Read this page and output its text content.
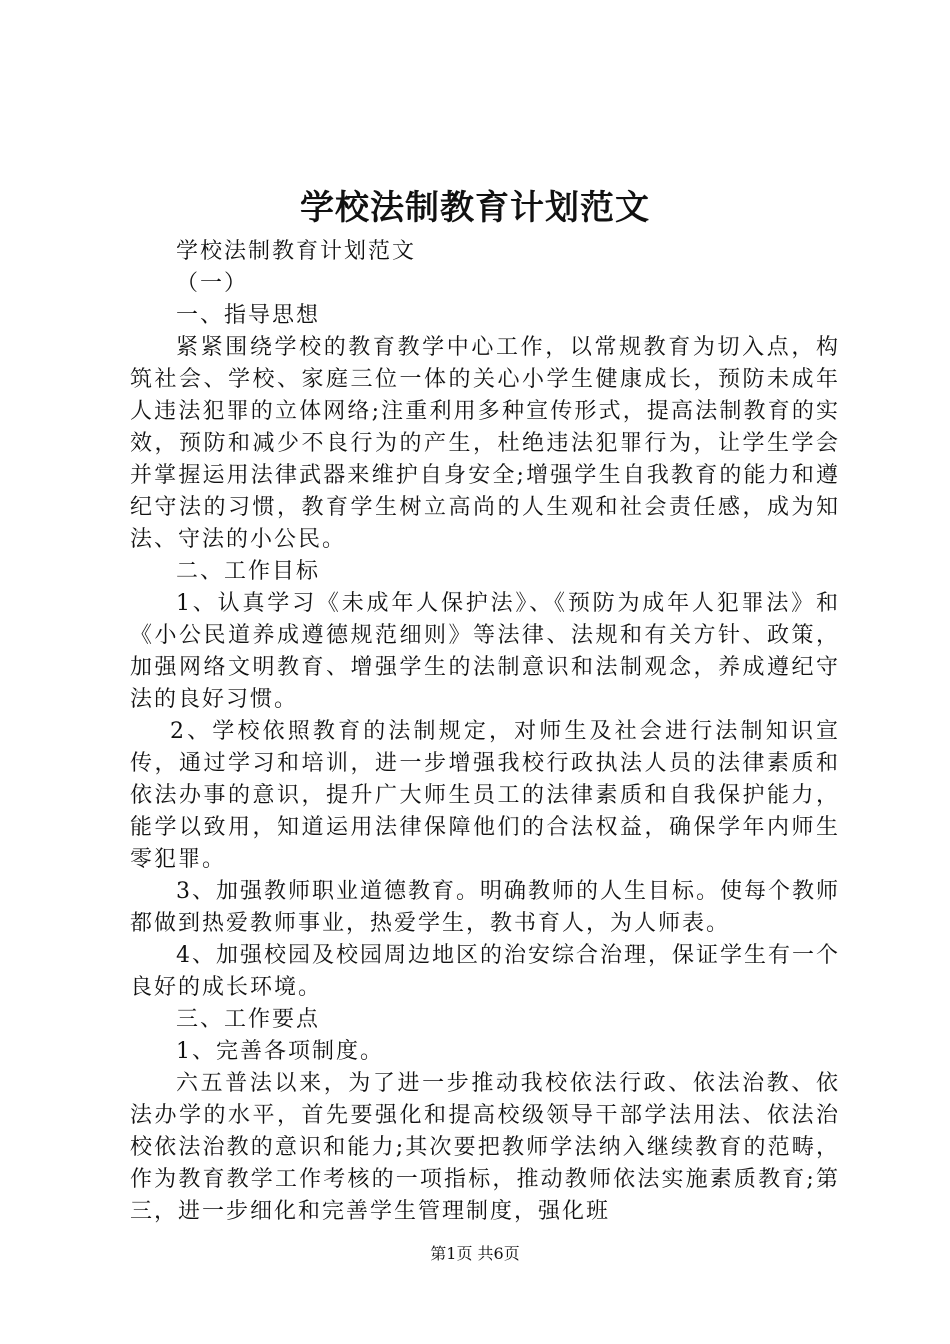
学校法制教育计划范文

学校法制教育计划范文

（一）

一、指导思想

紧紧围绕学校的教育教学中心工作，以常规教育为切入点，构筑社会、学校、家庭三位一体的关心小学生健康成长，预防未成年人违法犯罪的立体网络;注重利用多种宣传形式，提高法制教育的实效，预防和减少不良行为的产生，杜绝违法犯罪行为，让学生学会并掌握运用法律武器来维护自身安全;增强学生自我教育的能力和遵纪守法的习惯，教育学生树立高尚的人生观和社会责任感，成为知法、守法的小公民。

二、工作目标

1、认真学习《未成年人保护法》、《预防为成年人犯罪法》和《小公民道养成遵德规范细则》等法律、法规和有关方针、政策，加强网络文明教育、增强学生的法制意识和法制观念，养成遵纪守法的良好习惯。

2、学校依照教育的法制规定，对师生及社会进行法制知识宣传，通过学习和培训，进一步增强我校行政执法人员的法律素质和依法办事的意识，提升广大师生员工的法律素质和自我保护能力，能学以致用，知道运用法律保障他们的合法权益，确保学年内师生零犯罪。

3、加强教师职业道德教育。明确教师的人生目标。使每个教师都做到热爱教师事业，热爱学生，教书育人，为人师表。

4、加强校园及校园周边地区的治安综合治理，保证学生有一个良好的成长环境。

三、工作要点

1、完善各项制度。

六五普法以来，为了进一步推动我校依法行政、依法治教、依法办学的水平，首先要强化和提高校级领导干部学法用法、依法治校依法治教的意识和能力;其次要把教师学法纳入继续教育的范畴，作为教育教学工作考核的一项指标，推动教师依法实施素质教育;第三，进一步细化和完善学生管理制度，强化班

第1页 共6页
